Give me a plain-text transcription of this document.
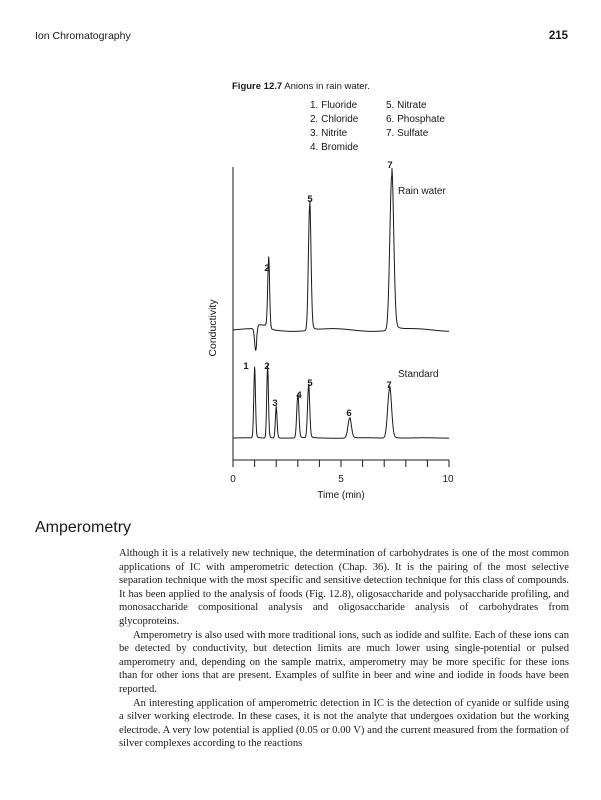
Ion Chromatography	215
Figure 12.7 Anions in rain water.
1. Fluoride
2. Chloride
3. Nitrite
4. Bromide
5. Nitrate
6. Phosphate
7. Sulfate
0	5	10
Time (min)
Conductivity
Rain water
Standard
5
2
7
1 2
3
4
5
6
7
Amperometry

Although it is a relatively new technique, the determination of carbohydrates is one of the most common applications of IC with amperometric detection (Chap. 36). It is the pairing of the most selective separation technique with the most specific and sensitive detection technique for this class of compounds. It has been applied to the analysis of foods (Fig. 12.8), oligosaccharide and polysaccharide profiling, and monosaccharide compositional analysis and oligosaccharide analysis of carbohydrates from glycoproteins.

Amperometry is also used with more traditional ions, such as iodide and sulfite. Each of these ions can be detected by conductivity, but detection limits are much lower using single-potential or pulsed amperometry and, depending on the sample matrix, amperometry may be more specific for these ions than for other ions that are present. Examples of sulfite in beer and wine and iodide in foods have been reported.

An interesting application of amperometric detection in IC is the detection of cyanide or sulfide using a silver working electrode. In these cases, it is not the analyte that undergoes oxidation but the working electrode. A very low potential is applied (0.05 or 0.00 V) and the current measured from the formation of silver complexes according to the reactions
